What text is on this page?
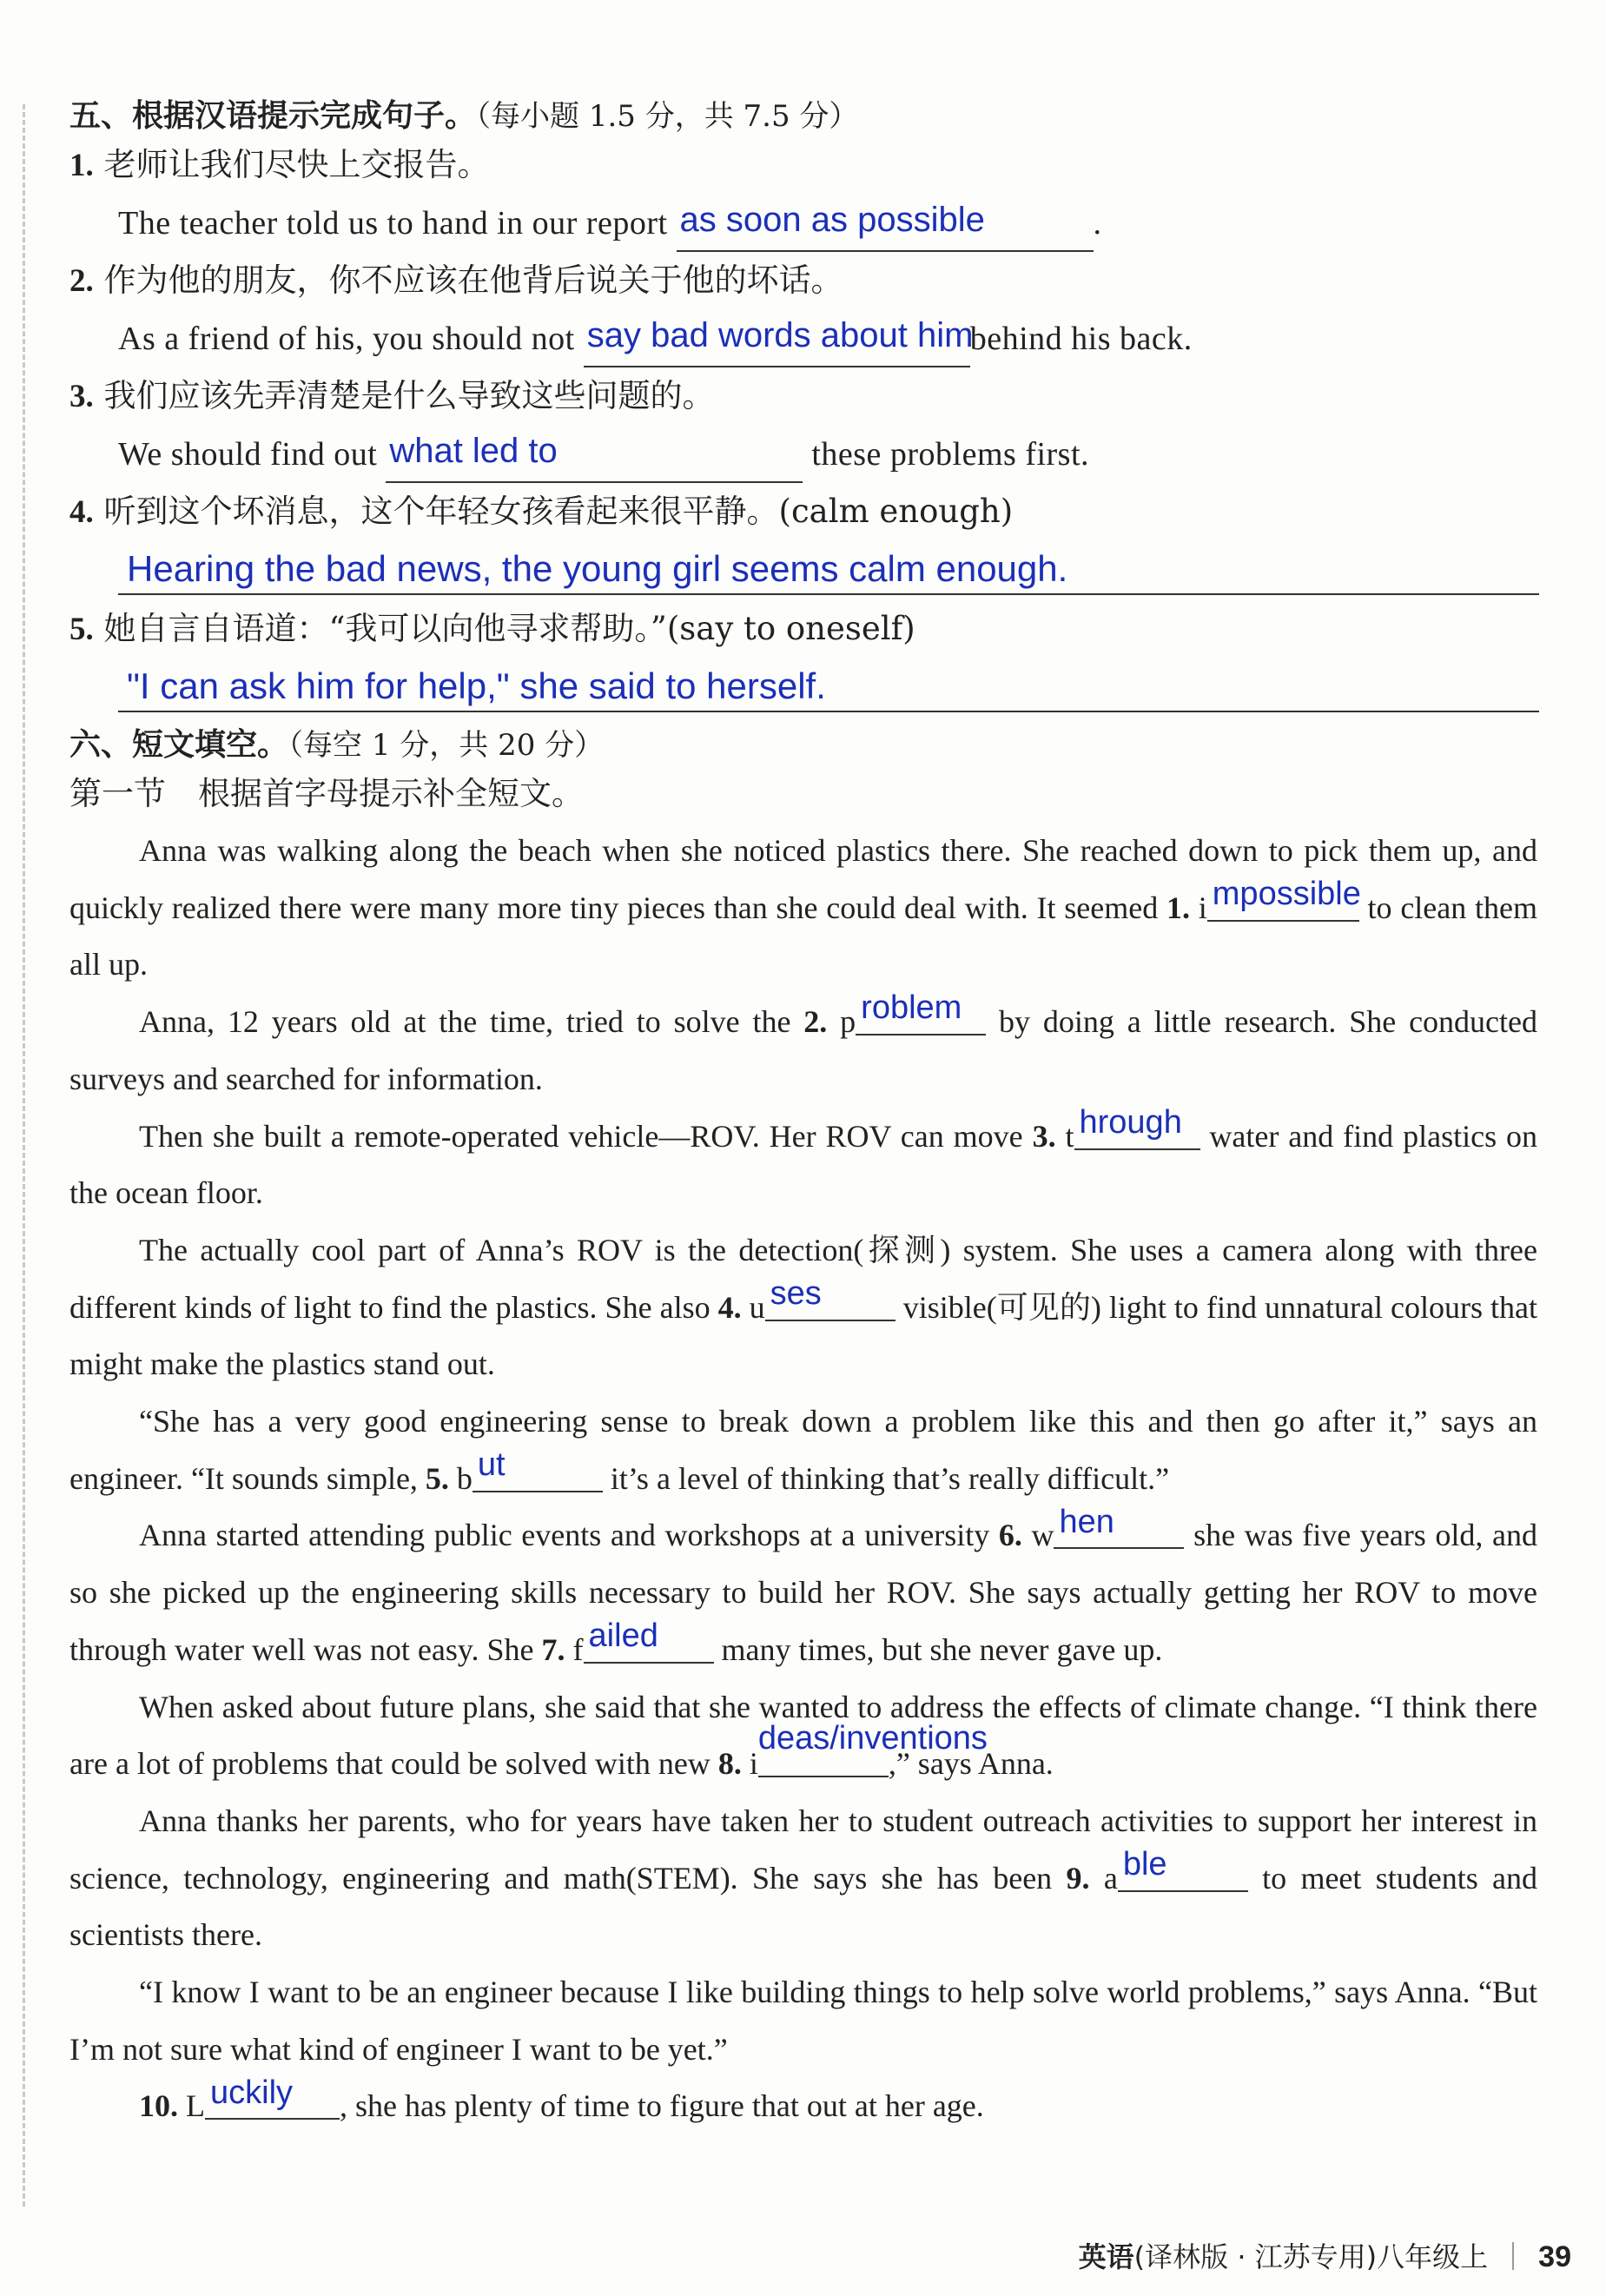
五、根据汉语提示完成句子。（每小题 1.5 分，共 7.5 分）

1. 老师让我们尽快上交报告。
The teacher told us to hand in our report as soon as possible	.
2. 作为他的朋友，你不应该在他背后说关于他的坏话。
As a friend of his, you should not say bad words about him
behind his back.
3. 我们应该先弄清楚是什么导致这些问题的。
We should find out what led to	these problems first.
4. 听到这个坏消息，这个年轻女孩看起来很平静。(calm enough)
Hearing the bad news, the young girl seems calm enough.
5. 她自言自语道：“我可以向他寻求帮助。”(say to oneself)
"I can ask him for help," she said to herself.

六、短文填空。（每空 1 分，共 20 分）

第一节　根据首字母提示补全短文。

Anna was walking along the beach when she noticed plastics there. She reached down to pick them up, and quickly realized there were many more tiny pieces than she could deal with. It seemed 1. i mpossible
to clean them all up.

Anna, 12 years old at the time, tried to solve the 2. p roblem by doing a little research. She conducted surveys and searched for information.

Then she built a remote-operated vehicle—ROV. Her ROV can move 3. t hrough water and find plastics on the ocean floor.

The actually cool part of Anna’s ROV is the detection(探测) system. She uses a camera along with three different kinds of light to find the plastics. She also 4. u ses visible(可见的) light to find unnatural colours that might make the plastics stand out.

“She has a very good engineering sense to break down a problem like this and then go after it,” says an engineer. “It sounds simple, 5. b ut	it’s a level of thinking that’s really difficult.”

Anna started attending public events and workshops at a university 6. w hen she was five years old, and so she picked up the engineering skills necessary to build her ROV. She says actually getting her ROV to move through water well was not easy. She 7. f ailed many times, but she never gave up.

When asked about future plans, she said that she wanted to address the effects of climate change. “I think there are a lot of problems that could be solved with new 8. i
deas/inventions
,” says Anna.

Anna thanks her parents, who for years have taken her to student outreach activities to support her interest in science, technology, engineering and math(STEM). She says she has been 9. a ble	to meet students and scientists there.

“I know I want to be an engineer because I like building things to help solve world problems,” says Anna. “But I’m not sure what kind of engineer I want to be yet.”

10. L uckily , she has plenty of time to figure that out at her age.

英语(译林版 · 江苏专用)八年级上 39
